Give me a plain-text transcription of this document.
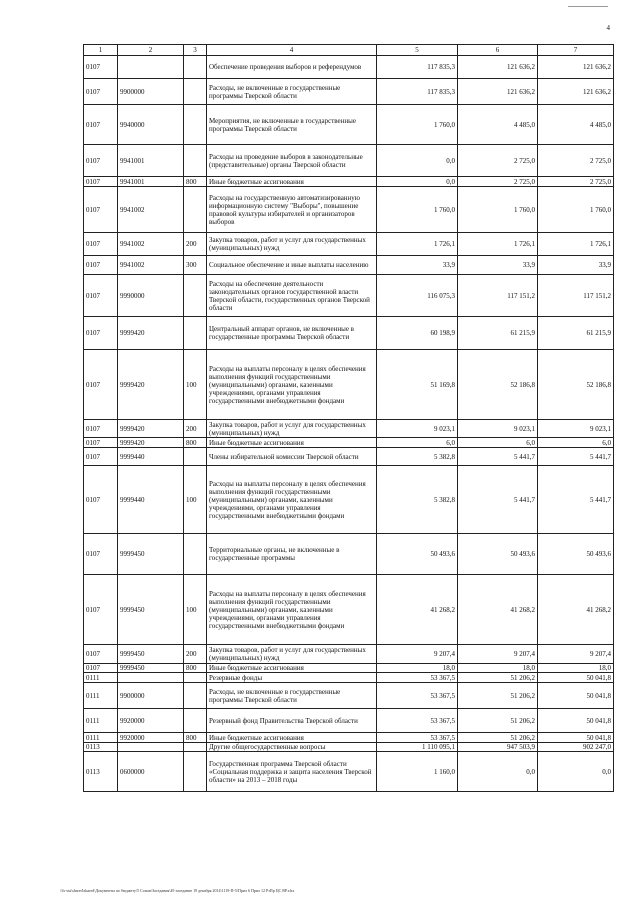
4
1	2	3	4	5	6	7
0107			Обеспечение проведения выборов и референдумов	117 835,3	121 636,2	121 636,2
0107	9900000		Расходы, не включенные в государственные программы Тверской области	117 835,3	121 636,2	121 636,2
0107	9940000		Мероприятия, не включенные в государственные программы Тверской области	1 760,0	4 485,0	4 485,0
0107	9941001		Расходы на проведение выборов в законодательные (представительные) органы Тверской области	0,0	2 725,0	2 725,0
0107	9941001	800	Иные бюджетные ассигнования	0,0	2 725,0	2 725,0
0107	9941002		Расходы на государственную автоматизированную информационную систему "Выборы", повышение правовой культуры избирателей и организаторов выборов	1 760,0	1 760,0	1 760,0
0107	9941002	200	Закупка товаров, работ и услуг для государственных (муниципальных) нужд	1 726,1	1 726,1	1 726,1
0107	9941002	300	Социальное обеспечение и иные выплаты населению	33,9	33,9	33,9
0107	9990000		Расходы на обеспечение деятельности законодательных органов государственной власти Тверской области, государственных органов Тверской области	116 075,3	117 151,2	117 151,2
0107	9999420		Центральный аппарат органов, не включенные в государственные программы Тверской области	60 198,9	61 215,9	61 215,9
0107	9999420	100	Расходы на выплаты персоналу в целях обеспечения выполнения функций государственными (муниципальными) органами, казенными учреждениями, органами управления государственными внебюджетными фондами	51 169,8	52 186,8	52 186,8
0107	9999420	200	Закупка товаров, работ и услуг для государственных (муниципальных) нужд	9 023,1	9 023,1	9 023,1
0107	9999420	800	Иные бюджетные ассигнования	6,0	6,0	6,0
0107	9999440		Члены избирательной комиссии Тверской области	5 382,8	5 441,7	5 441,7
0107	9999440	100	Расходы на выплаты персоналу в целях обеспечения выполнения функций государственными (муниципальными) органами, казенными учреждениями, органами управления государственными внебюджетными фондами	5 382,8	5 441,7	5 441,7
0107	9999450		Территориальные органы, не включенные в государственные программы	50 493,6	50 493,6	50 493,6
0107	9999450	100	Расходы на выплаты персоналу в целях обеспечения выполнения функций государственными (муниципальными) органами, казенными учреждениями, органами управления государственными внебюджетными фондами	41 268,2	41 268,2	41 268,2
0107	9999450	200	Закупка товаров, работ и услуг для государственных (муниципальных) нужд	9 207,4	9 207,4	9 207,4
0107	9999450	800	Иные бюджетные ассигнования	18,0	18,0	18,0
0111			Резервные фонды	53 367,5	51 206,2	50 041,8
0111	9900000		Расходы, не включенные в государственные программы Тверской области	53 367,5	51 206,2	50 041,8
0111	9920000		Резервный фонд Правительства Тверской области	53 367,5	51 206,2	50 041,8
0111	9920000	800	Иные бюджетные ассигнования	53 367,5	51 206,2	50 041,8
0113			Другие общегосударственные вопросы	1 110 095,1	947 503,9	902 247,0
0113	0600000		Государственная программа Тверской области «Социальная поддержка и защита населения Тверской области» на 2013 – 2018 годы	1 160,0	0,0	0,0
\\fs-ust\shared\shared\Документы по бюджету\5 Созыв\Заседания\49 заседание 19 декабря 2014\1119-П-5\Прил 6 Прил 12 РзПр ЦС ВР.xlsx
